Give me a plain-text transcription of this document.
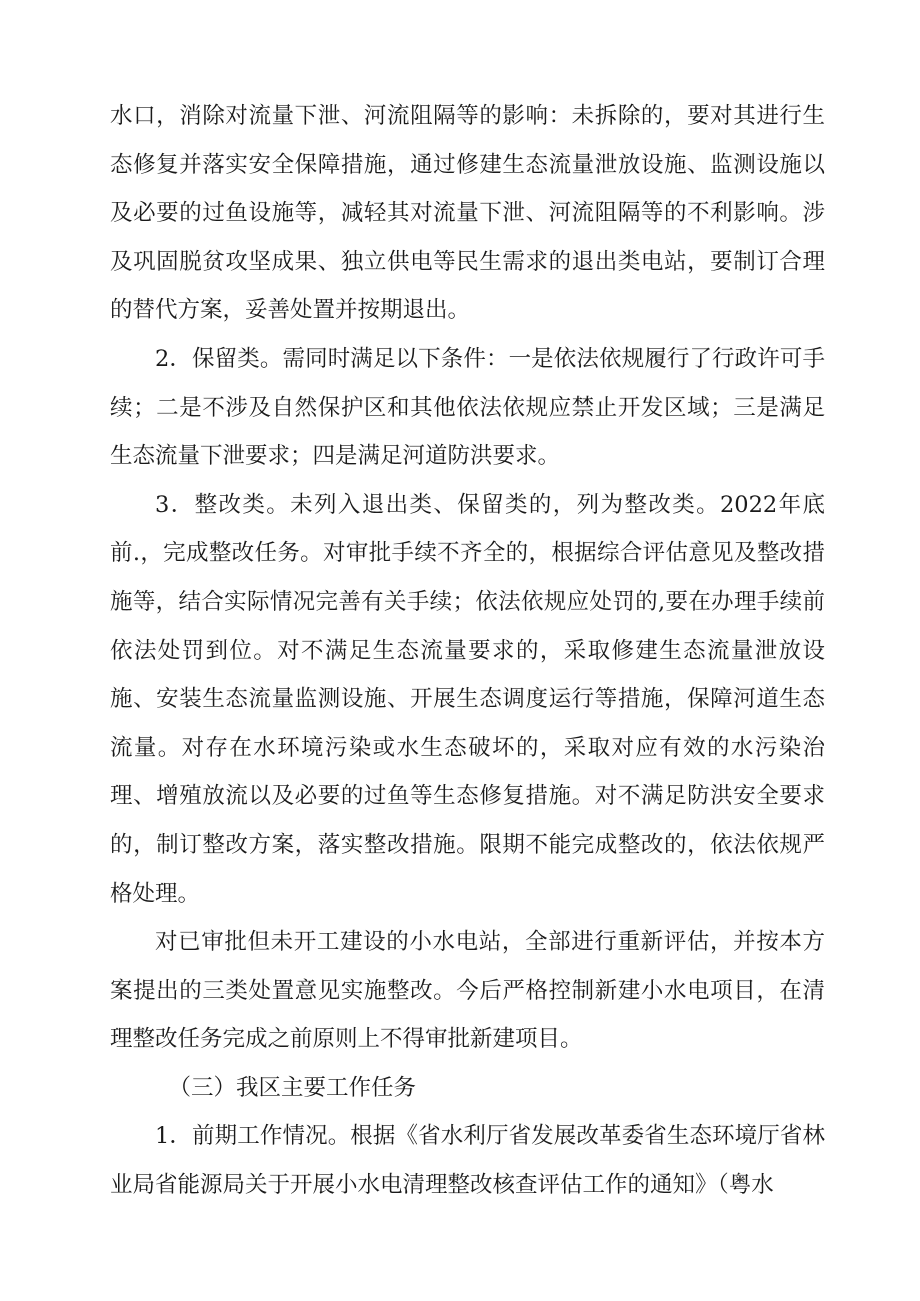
水口，消除对流量下泄、河流阻隔等的影响：未拆除的，要对其进行生态修复并落实安全保障措施，通过修建生态流量泄放设施、监测设施以及必要的过鱼设施等，减轻其对流量下泄、河流阻隔等的不利影响。涉及巩固脱贫攻坚成果、独立供电等民生需求的退出类电站，要制订合理的替代方案，妥善处置并按期退出。

2．保留类。需同时满足以下条件：一是依法依规履行了行政许可手续；二是不涉及自然保护区和其他依法依规应禁止开发区域；三是满足生态流量下泄要求；四是满足河道防洪要求。

3．整改类。未列入退出类、保留类的，列为整改类。2022年底前.，完成整改任务。对审批手续不齐全的，根据综合评估意见及整改措施等，结合实际情况完善有关手续；依法依规应处罚的,要在办理手续前依法处罚到位。对不满足生态流量要求的，采取修建生态流量泄放设施、安装生态流量监测设施、开展生态调度运行等措施，保障河道生态流量。对存在水环境污染或水生态破坏的，采取对应有效的水污染治理、增殖放流以及必要的过鱼等生态修复措施。对不满足防洪安全要求的，制订整改方案，落实整改措施。限期不能完成整改的，依法依规严格处理。

对已审批但未开工建设的小水电站，全部进行重新评估，并按本方案提出的三类处置意见实施整改。今后严格控制新建小水电项目，在清理整改任务完成之前原则上不得审批新建项目。

（三）我区主要工作任务

1．前期工作情况。根据《省水利厅省发展改革委省生态环境厅省林业局省能源局关于开展小水电清理整改核查评估工作的通知》（粤水
